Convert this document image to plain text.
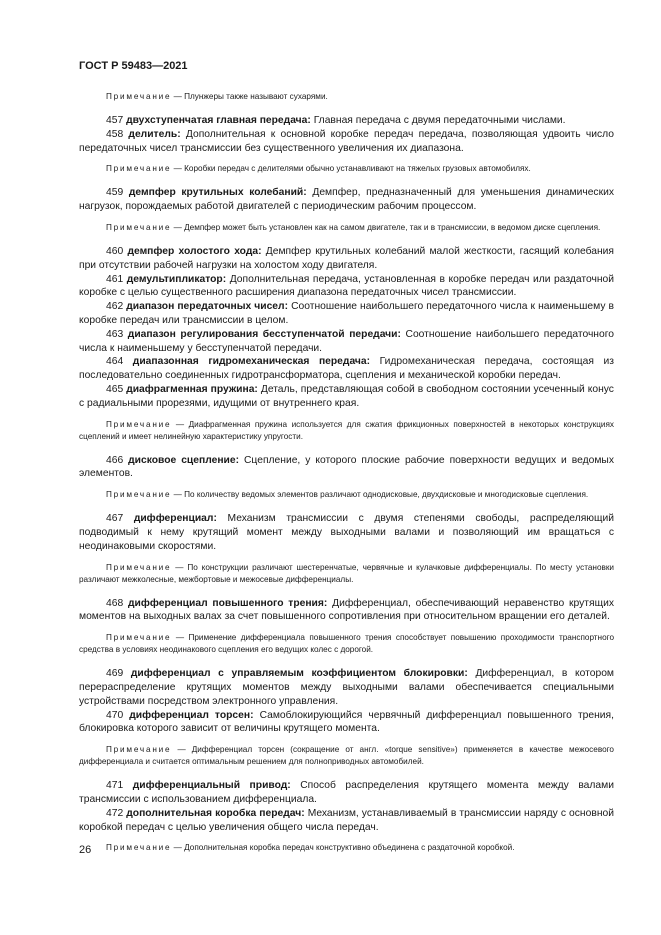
ГОСТ Р 59483—2021

Примечание — Плунжеры также называют сухарями.

457 двухступенчатая главная передача: Главная передача с двумя передаточными числами.

458 делитель: Дополнительная к основной коробке передач передача, позволяющая удвоить число передаточных чисел трансмиссии без существенного увеличения их диапазона.

Примечание — Коробки передач с делителями обычно устанавливают на тяжелых грузовых автомобилях.

459 демпфер крутильных колебаний: Демпфер, предназначенный для уменьшения динамических нагрузок, порождаемых работой двигателей с периодическим рабочим процессом.

Примечание — Демпфер может быть установлен как на самом двигателе, так и в трансмиссии, в ведомом диске сцепления.

460 демпфер холостого хода: Демпфер крутильных колебаний малой жесткости, гасящий колебания при отсутствии рабочей нагрузки на холостом ходу двигателя.

461 демультипликатор: Дополнительная передача, установленная в коробке передач или раздаточной коробке с целью существенного расширения диапазона передаточных чисел трансмиссии.

462 диапазон передаточных чисел: Соотношение наибольшего передаточного числа к наименьшему в коробке передач или трансмиссии в целом.

463 диапазон регулирования бесступенчатой передачи: Соотношение наибольшего передаточного числа к наименьшему у бесступенчатой передачи.

464 диапазонная гидромеханическая передача: Гидромеханическая передача, состоящая из последовательно соединенных гидротрансформатора, сцепления и механической коробки передач.

465 диафрагменная пружина: Деталь, представляющая собой в свободном состоянии усеченный конус с радиальными прорезями, идущими от внутреннего края.

Примечание — Диафрагменная пружина используется для сжатия фрикционных поверхностей в некоторых конструкциях сцеплений и имеет нелинейную характеристику упругости.

466 дисковое сцепление: Сцепление, у которого плоские рабочие поверхности ведущих и ведомых элементов.

Примечание — По количеству ведомых элементов различают однодисковые, двухдисковые и многодисковые сцепления.

467 дифференциал: Механизм трансмиссии с двумя степенями свободы, распределяющий подводимый к нему крутящий момент между выходными валами и позволяющий им вращаться с неодинаковыми скоростями.

Примечание — По конструкции различают шестеренчатые, червячные и кулачковые дифференциалы. По месту установки различают межколесные, межбортовые и межосевые дифференциалы.

468 дифференциал повышенного трения: Дифференциал, обеспечивающий неравенство крутящих моментов на выходных валах за счет повышенного сопротивления при относительном вращении его деталей.

Примечание — Применение дифференциала повышенного трения способствует повышению проходимости транспортного средства в условиях неодинакового сцепления его ведущих колес с дорогой.

469 дифференциал с управляемым коэффициентом блокировки: Дифференциал, в котором перераспределение крутящих моментов между выходными валами обеспечивается специальными устройствами посредством электронного управления.

470 дифференциал торсен: Самоблокирующийся червячный дифференциал повышенного трения, блокировка которого зависит от величины крутящего момента.

Примечание — Дифференциал торсен (сокращение от англ. «torque sensitive») применяется в качестве межосевого дифференциала и считается оптимальным решением для полноприводных автомобилей.

471 дифференциальный привод: Способ распределения крутящего момента между валами трансмиссии с использованием дифференциала.

472 дополнительная коробка передач: Механизм, устанавливаемый в трансмиссии наряду с основной коробкой передач с целью увеличения общего числа передач.

Примечание — Дополнительная коробка передач конструктивно объединена с раздаточной коробкой.

26
